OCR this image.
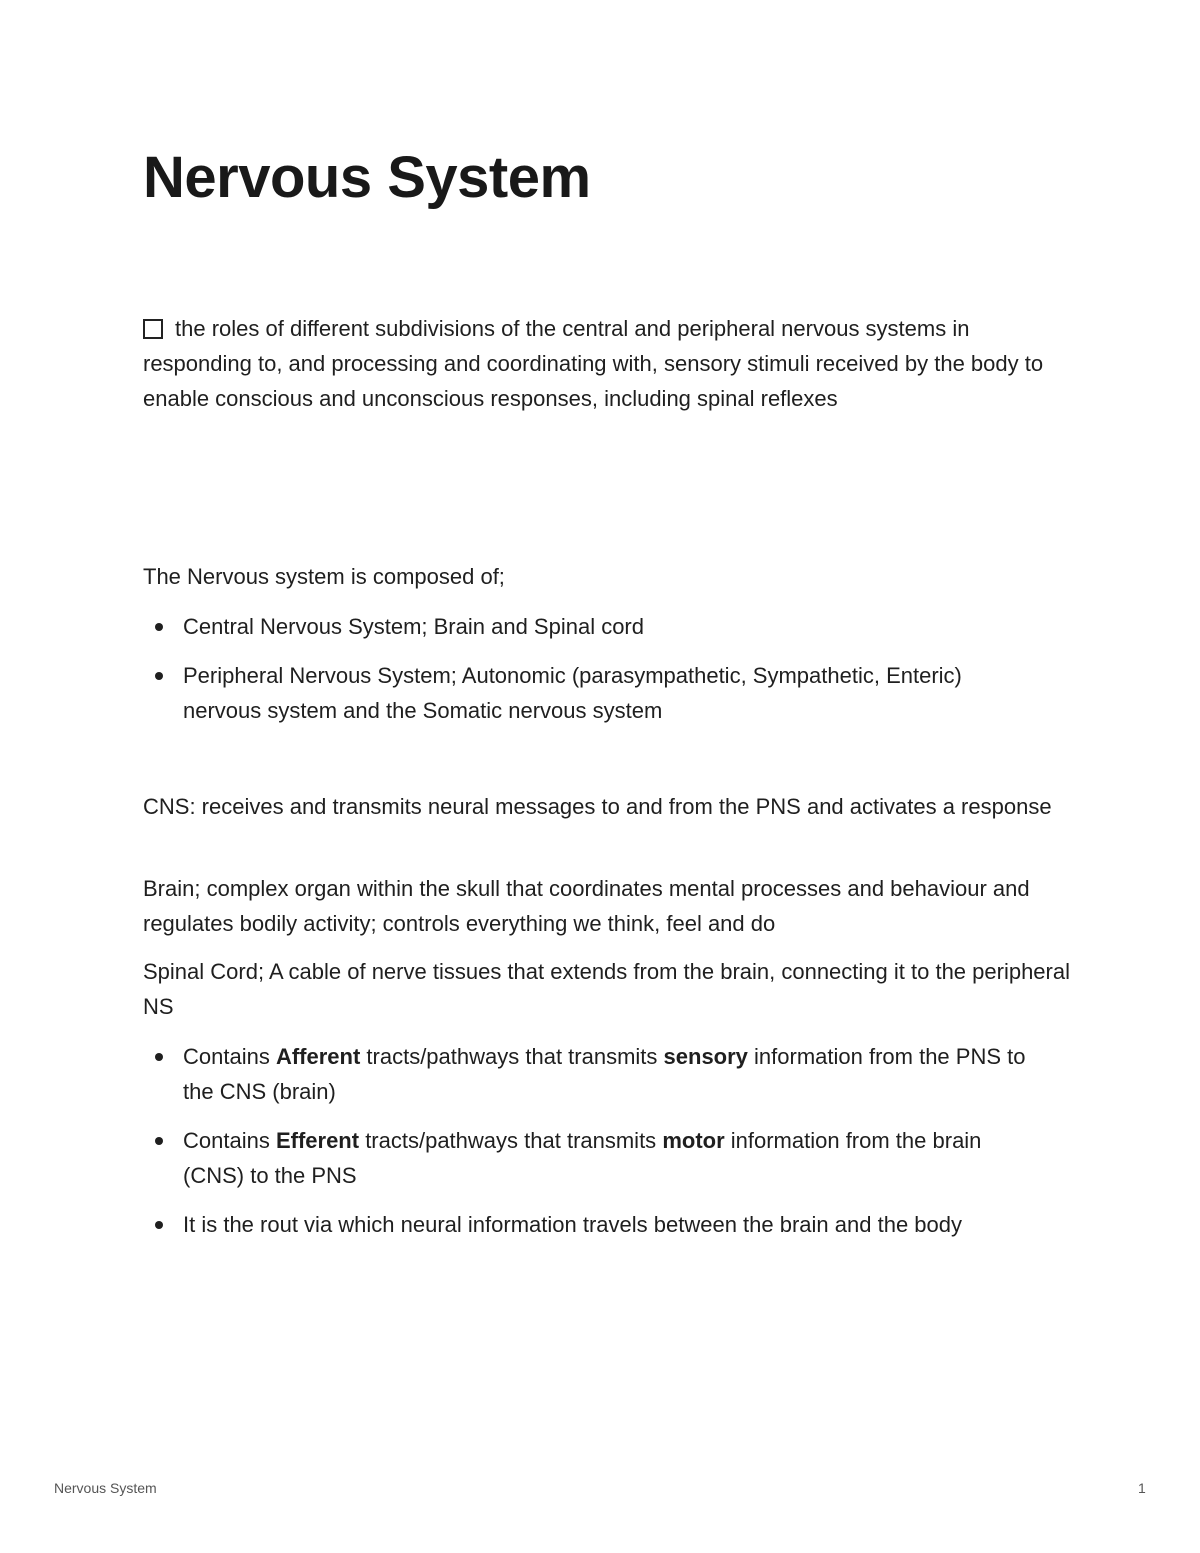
Nervous System
the roles of different subdivisions of the central and peripheral nervous systems in responding to, and processing and coordinating with, sensory stimuli received by the body to enable conscious and unconscious responses, including spinal reflexes

The Nervous system is composed of;

Central Nervous System; Brain and Spinal cord
Peripheral Nervous System; Autonomic (parasympathetic, Sympathetic, Enteric) nervous system and the Somatic nervous system

CNS: receives and transmits neural messages to and from the PNS and activates a response

Brain; complex organ within the skull that coordinates mental processes and behaviour and regulates bodily activity; controls everything we think, feel and do

Spinal Cord; A cable of nerve tissues that extends from the brain, connecting it to the peripheral NS

Contains Afferent tracts/pathways that transmits sensory information from the PNS to the CNS (brain)
Contains Efferent tracts/pathways that transmits motor information from the brain (CNS) to the PNS
It is the rout via which neural information travels between the brain and the body
Nervous System	1
